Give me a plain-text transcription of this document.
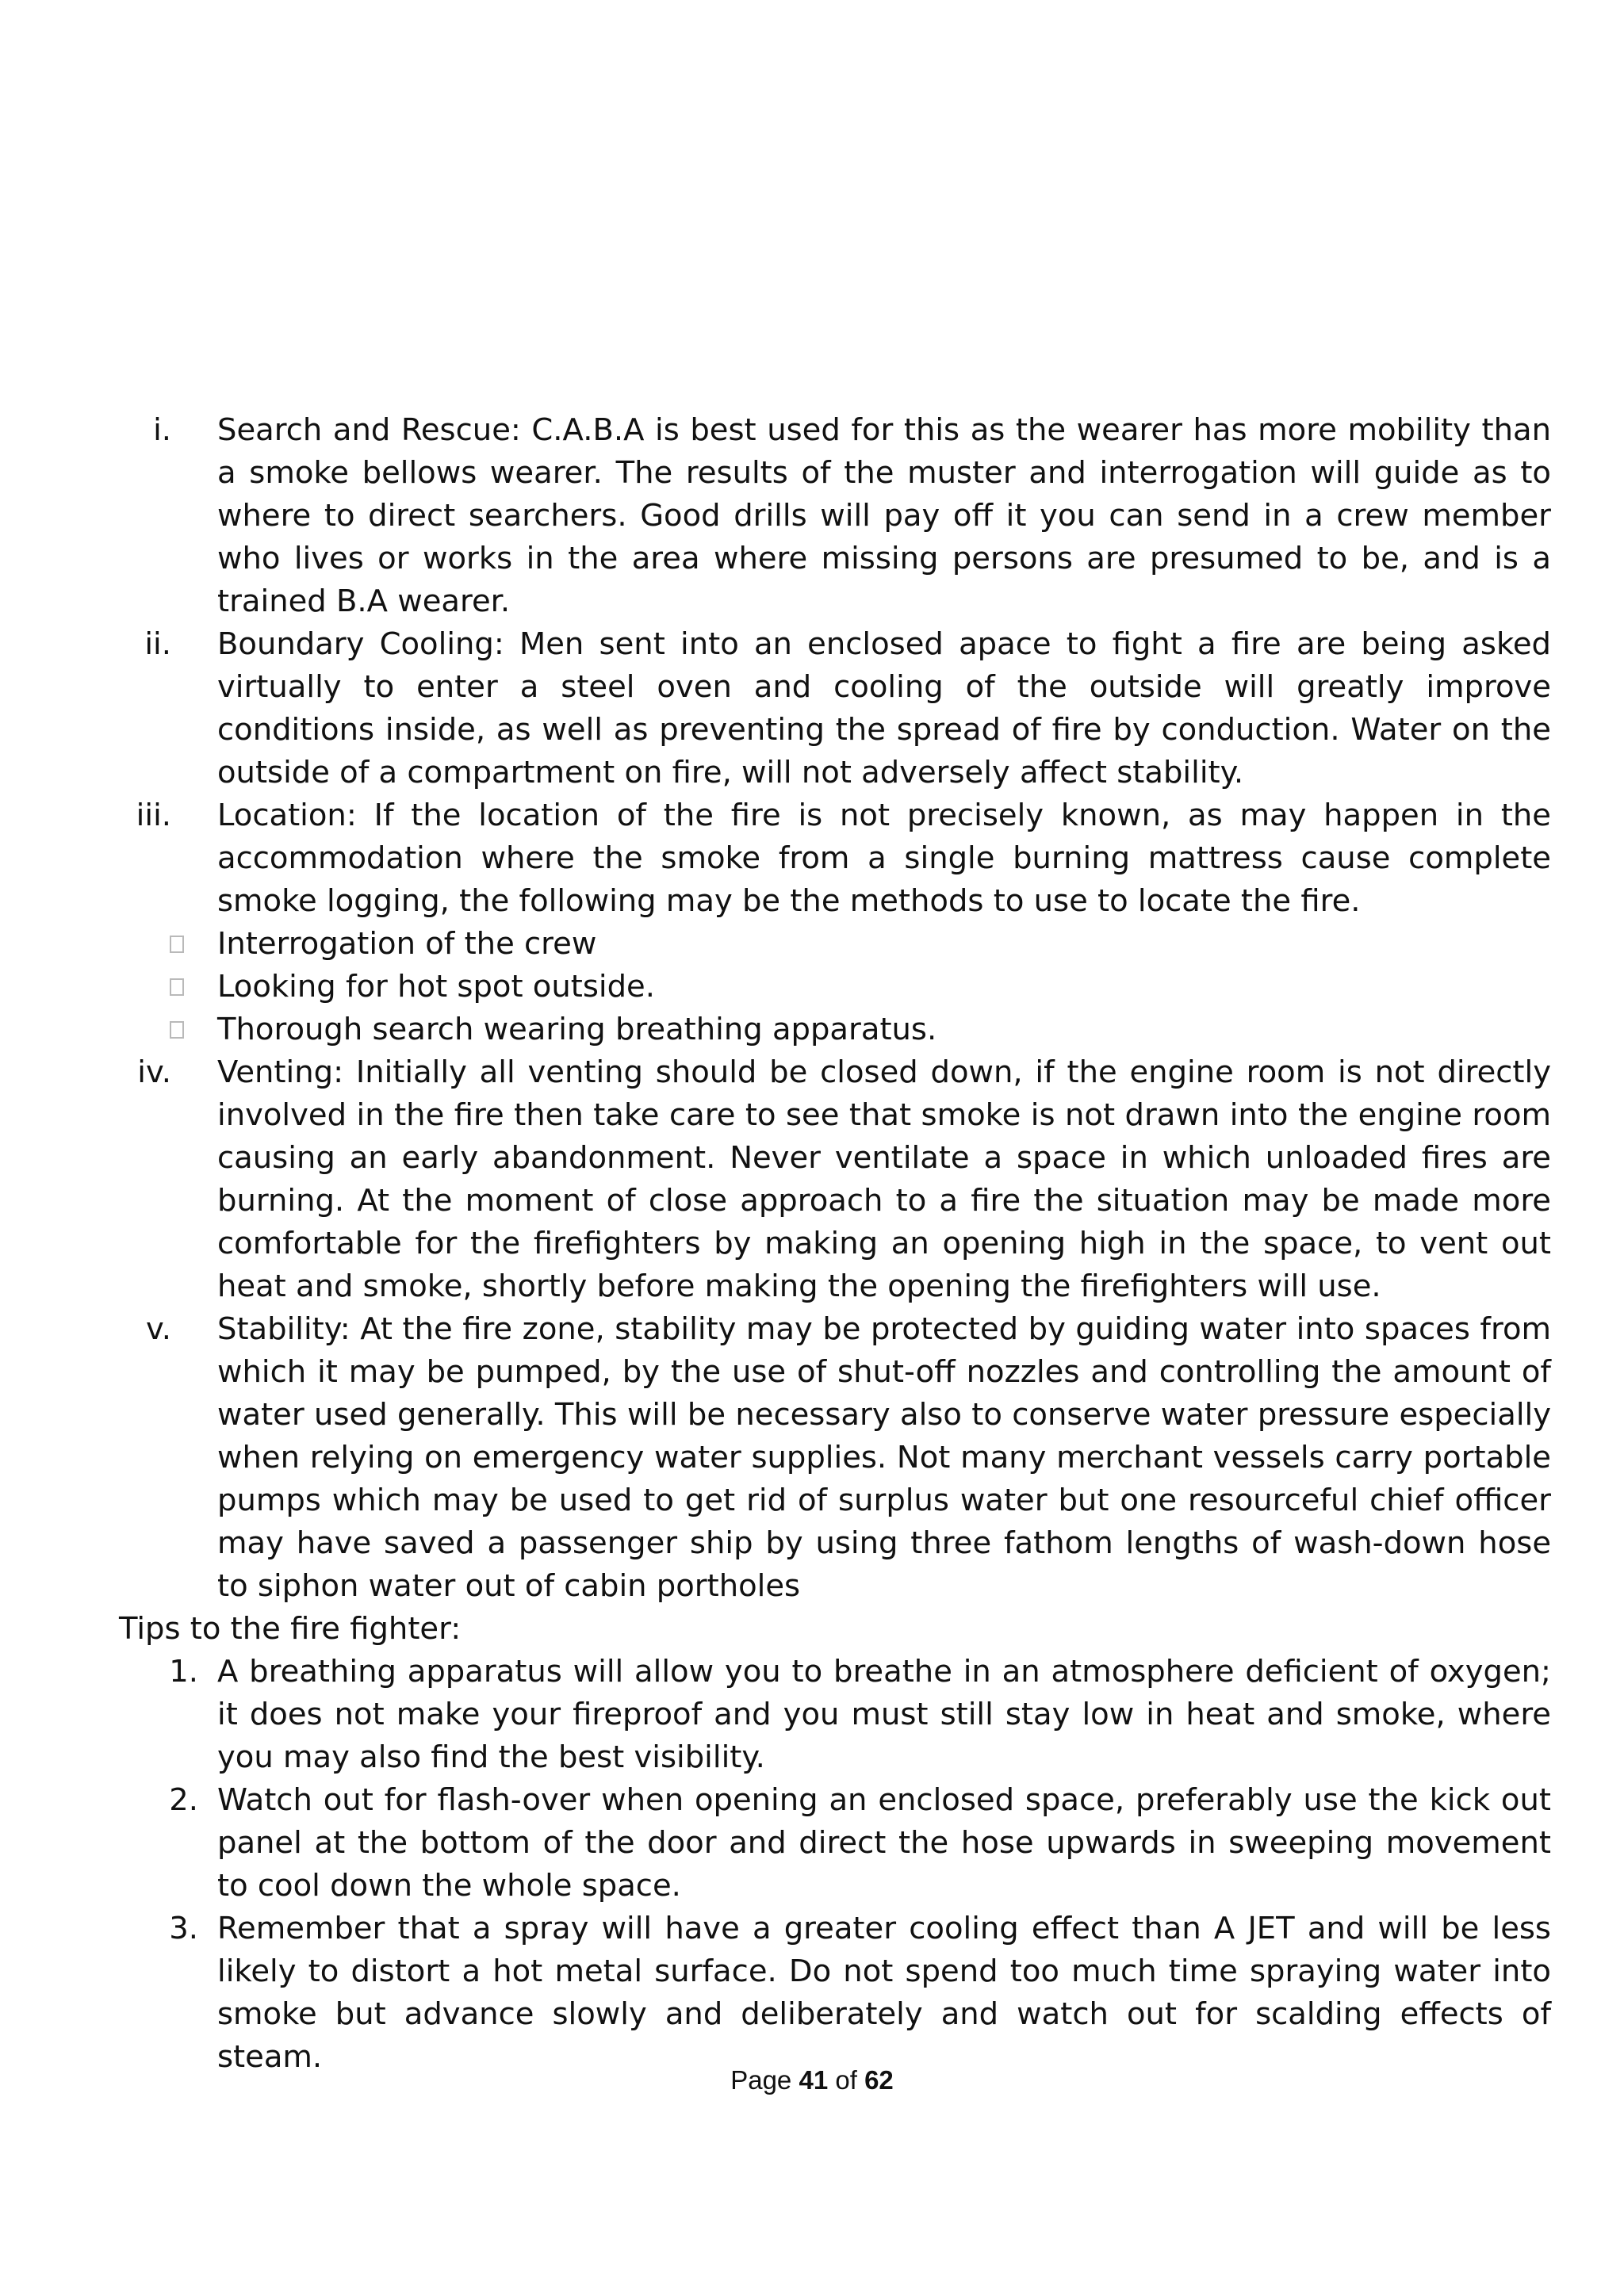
i. Search and Rescue: C.A.B.A is best used for this as the wearer has more mobility than a smoke bellows wearer. The results of the muster and interrogation will guide as to where to direct searchers. Good drills will pay off it you can send in a crew member who lives or works in the area where missing persons are presumed to be, and is a trained B.A wearer.
ii. Boundary Cooling: Men sent into an enclosed apace to fight a fire are being asked virtually to enter a steel oven and cooling of the outside will greatly improve conditions inside, as well as preventing the spread of fire by conduction. Water on the outside of a compartment on fire, will not adversely affect stability.
iii. Location: If the location of the fire is not precisely known, as may happen in the accommodation where the smoke from a single burning mattress cause complete smoke logging, the following may be the methods to use to locate the fire.
Interrogation of the crew
Looking for hot spot outside.
Thorough search wearing breathing apparatus.
iv. Venting: Initially all venting should be closed down, if the engine room is not directly involved in the fire then take care to see that smoke is not drawn into the engine room causing an early abandonment. Never ventilate a space in which unloaded fires are burning. At the moment of close approach to a fire the situation may be made more comfortable for the firefighters by making an opening high in the space, to vent out heat and smoke, shortly before making the opening the firefighters will use.
v. Stability: At the fire zone, stability may be protected by guiding water into spaces from which it may be pumped, by the use of shut-off nozzles and controlling the amount of water used generally. This will be necessary also to conserve water pressure especially when relying on emergency water supplies. Not many merchant vessels carry portable pumps which may be used to get rid of surplus water but one resourceful chief officer may have saved a passenger ship by using three fathom lengths of wash-down hose to siphon water out of cabin portholes
Tips to the fire fighter:
1. A breathing apparatus will allow you to breathe in an atmosphere deficient of oxygen; it does not make your fireproof and you must still stay low in heat and smoke, where you may also find the best visibility.
2. Watch out for flash-over when opening an enclosed space, preferably use the kick out panel at the bottom of the door and direct the hose upwards in sweeping movement to cool down the whole space.
3. Remember that a spray will have a greater cooling effect than A JET and will be less likely to distort a hot metal surface. Do not spend too much time spraying water into smoke but advance slowly and deliberately and watch out for scalding effects of steam.
Page 41 of 62
